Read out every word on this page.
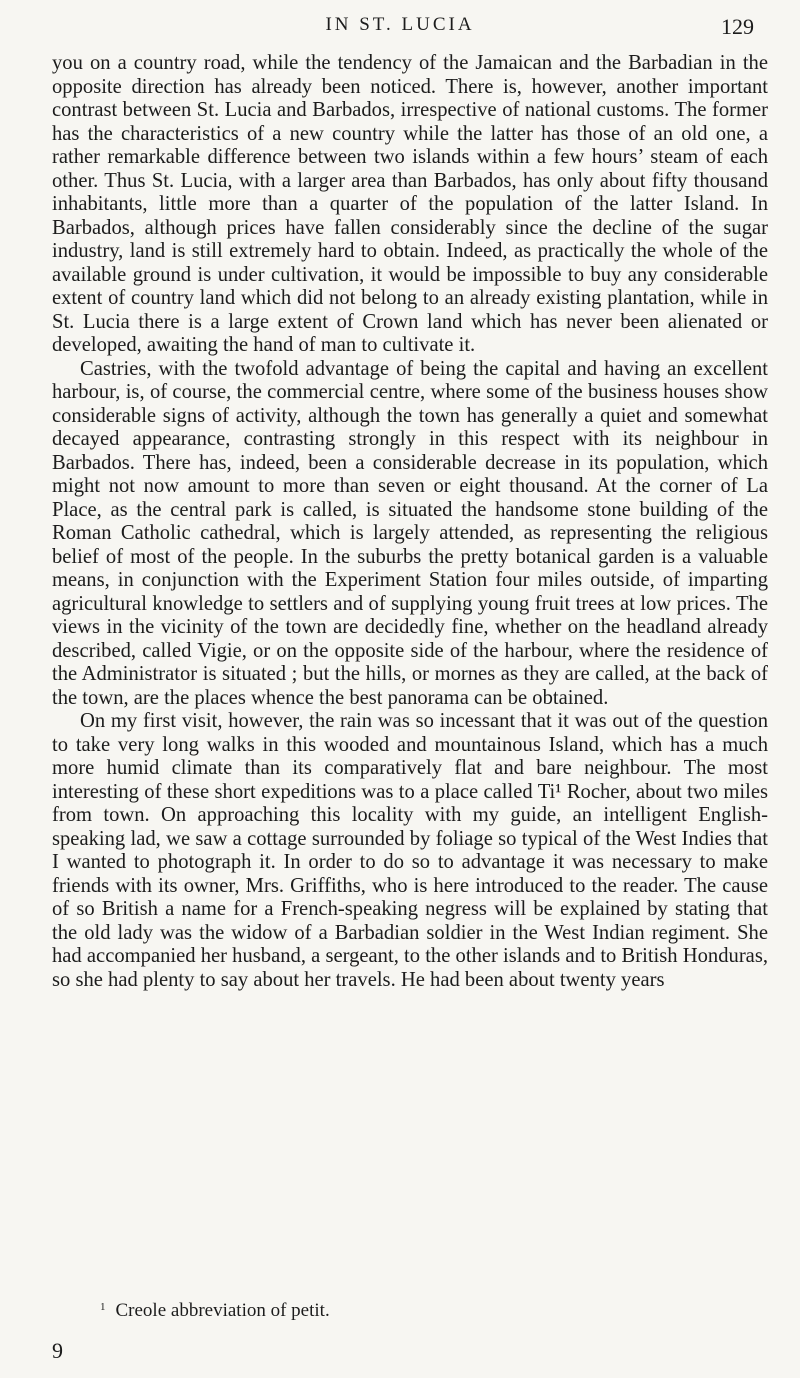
IN ST. LUCIA	129

you on a country road, while the tendency of the Jamaican and the Barbadian in the opposite direction has already been noticed. There is, however, another important contrast between St. Lucia and Barbados, irrespective of national customs. The former has the characteristics of a new country while the latter has those of an old one, a rather remarkable difference between two islands within a few hours’ steam of each other. Thus St. Lucia, with a larger area than Barbados, has only about fifty thousand inhabitants, little more than a quarter of the population of the latter Island. In Barbados, although prices have fallen considerably since the decline of the sugar industry, land is still extremely hard to obtain. Indeed, as practically the whole of the available ground is under cultivation, it would be impossible to buy any considerable extent of country land which did not belong to an already existing plantation, while in St. Lucia there is a large extent of Crown land which has never been alienated or developed, awaiting the hand of man to cultivate it.

Castries, with the twofold advantage of being the capital and having an excellent harbour, is, of course, the commercial centre, where some of the business houses show considerable signs of activity, although the town has generally a quiet and somewhat decayed appearance, contrasting strongly in this respect with its neighbour in Barbados. There has, indeed, been a considerable decrease in its population, which might not now amount to more than seven or eight thousand. At the corner of La Place, as the central park is called, is situated the handsome stone building of the Roman Catholic cathedral, which is largely attended, as representing the religious belief of most of the people. In the suburbs the pretty botanical garden is a valuable means, in conjunction with the Experiment Station four miles outside, of imparting agricultural knowledge to settlers and of supplying young fruit trees at low prices. The views in the vicinity of the town are decidedly fine, whether on the headland already described, called Vigie, or on the opposite side of the harbour, where the residence of the Administrator is situated ; but the hills, or mornes as they are called, at the back of the town, are the places whence the best panorama can be obtained.

On my first visit, however, the rain was so incessant that it was out of the question to take very long walks in this wooded and mountainous Island, which has a much more humid climate than its comparatively flat and bare neighbour. The most interesting of these short expeditions was to a place called Ti¹ Rocher, about two miles from town. On approaching this locality with my guide, an intelligent English-speaking lad, we saw a cottage surrounded by foliage so typical of the West Indies that I wanted to photograph it. In order to do so to advantage it was necessary to make friends with its owner, Mrs. Griffiths, who is here introduced to the reader. The cause of so British a name for a French-speaking negress will be explained by stating that the old lady was the widow of a Barbadian soldier in the West Indian regiment. She had accompanied her husband, a sergeant, to the other islands and to British Honduras, so she had plenty to say about her travels. He had been about twenty years

$^1$ Creole abbreviation of petit.
9
